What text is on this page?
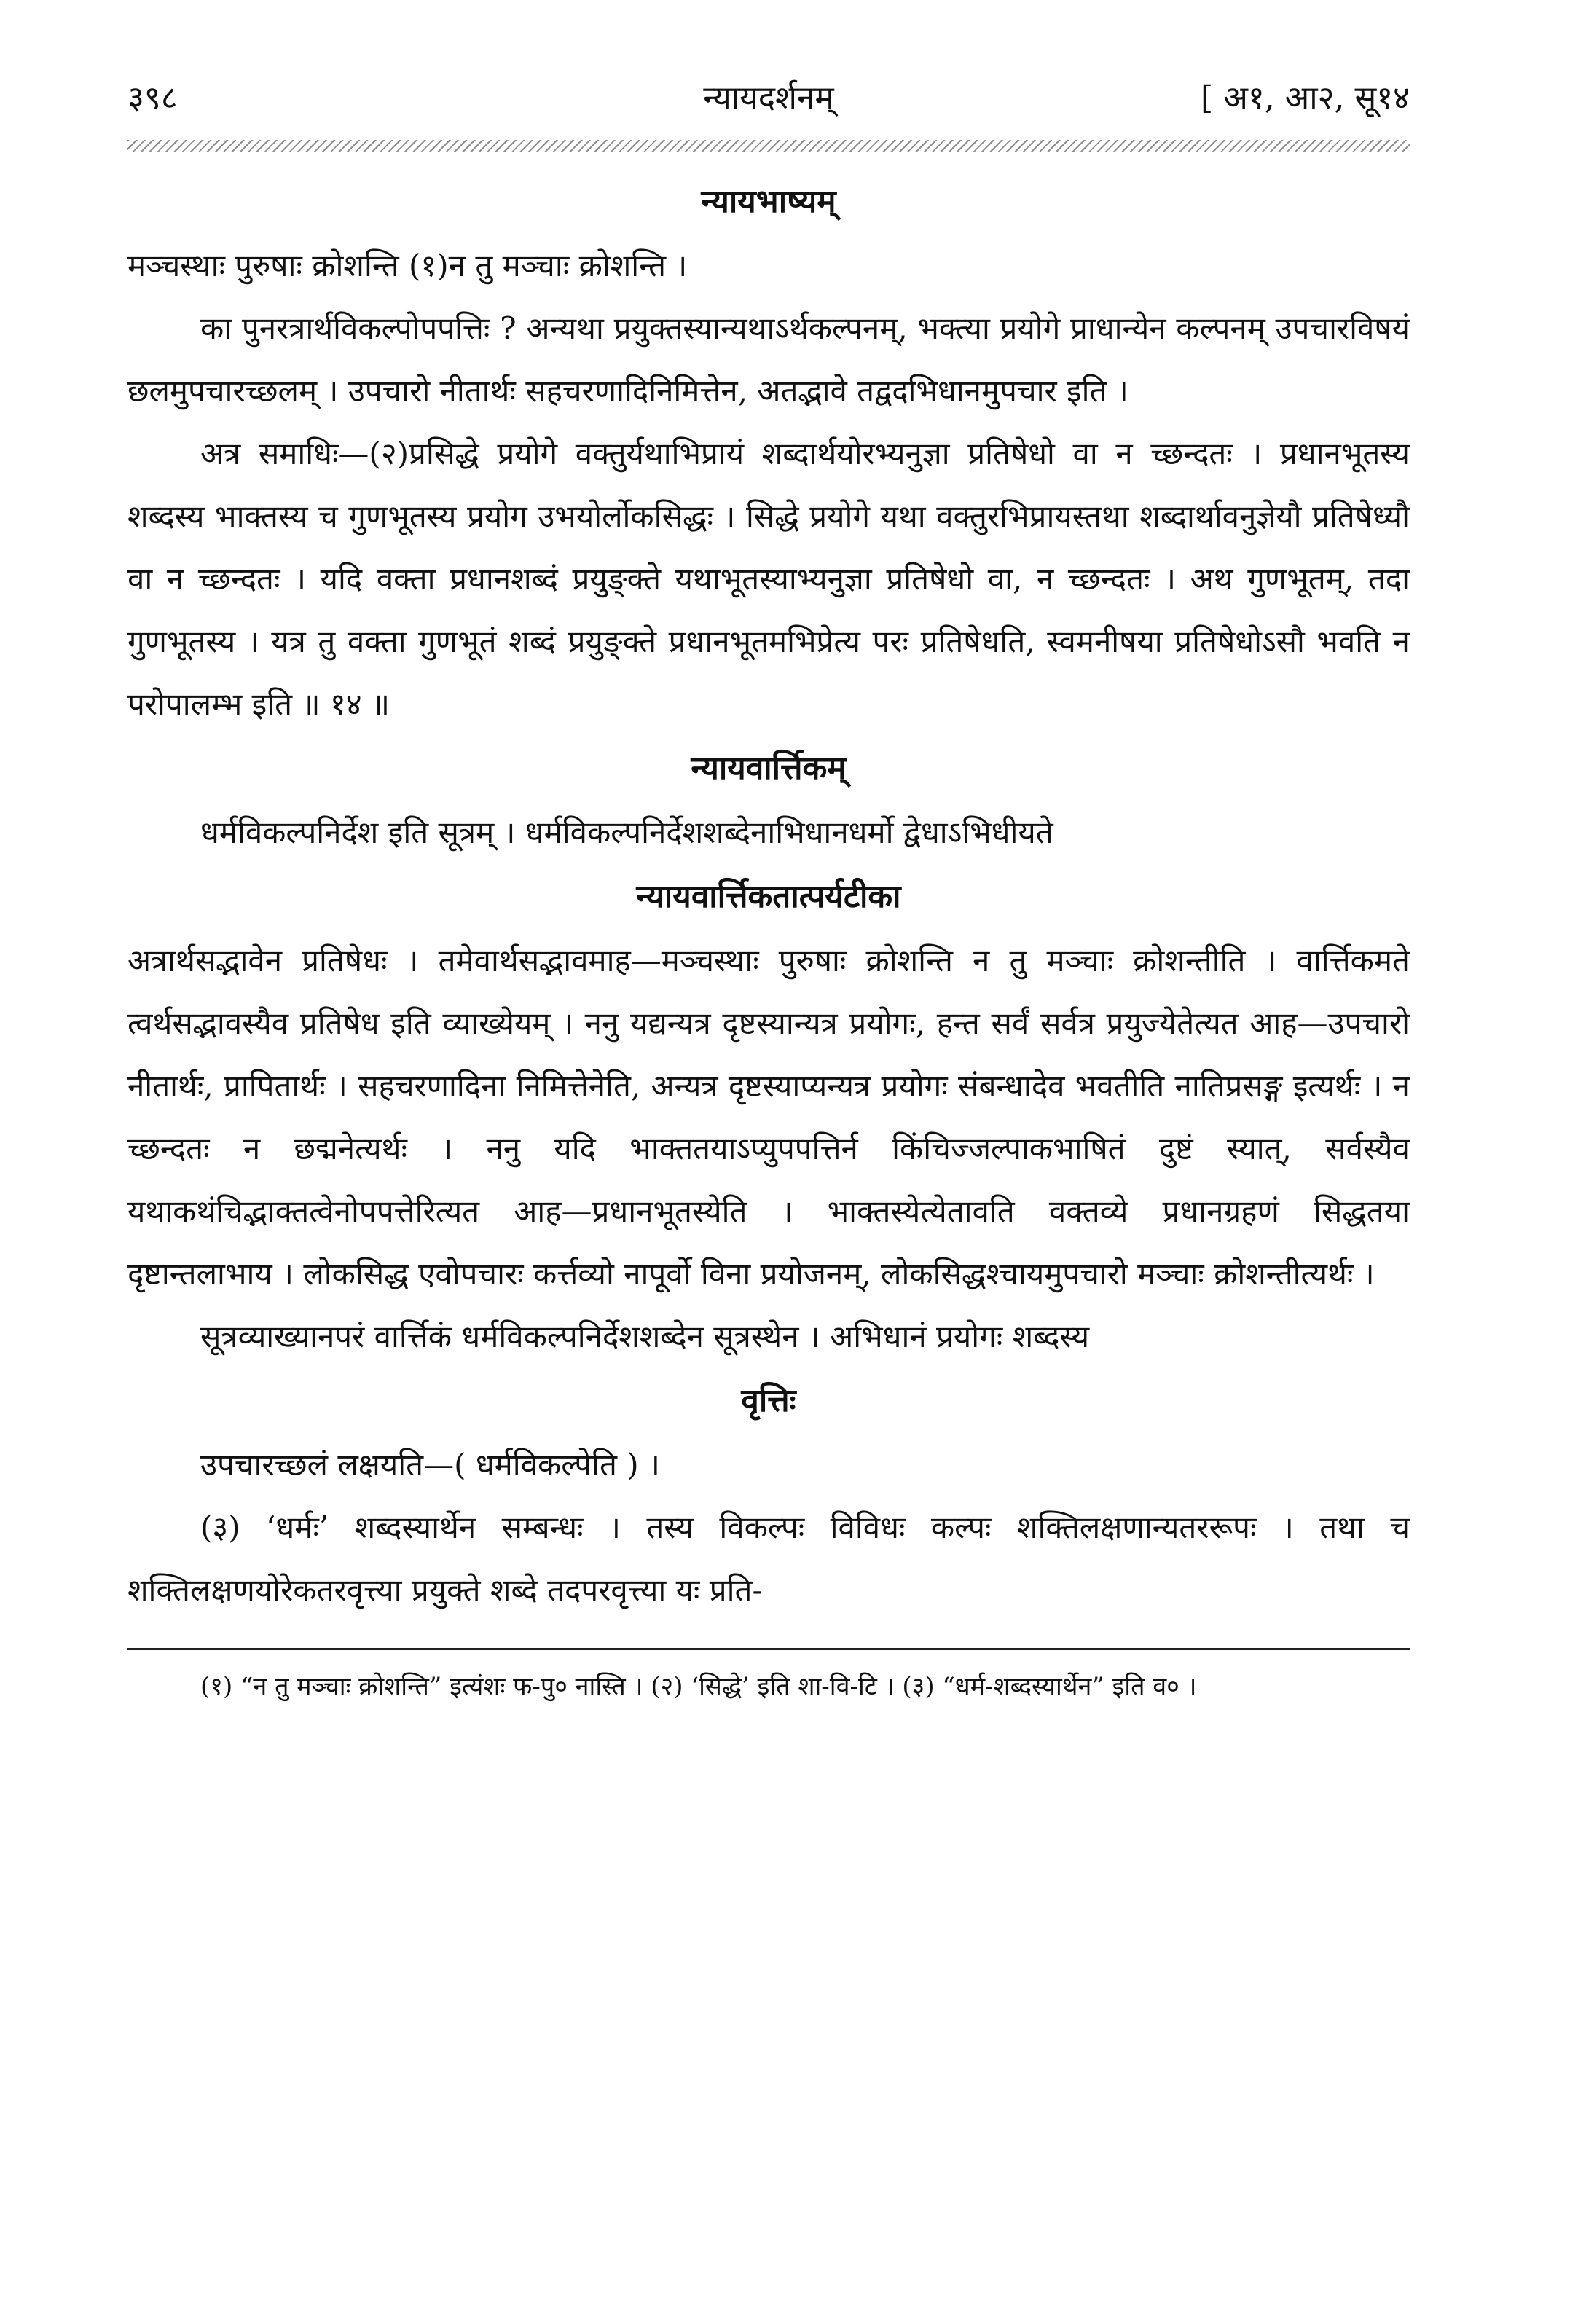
३९८	न्यायदर्शनम्	[ अ१, आ२, सू१४
न्यायभाष्यम्

मञ्चस्थाः पुरुषाः क्रोशन्ति (१)न तु मञ्चाः क्रोशन्ति ।

का पुनरत्रार्थविकल्पोपपत्तिः ? अन्यथा प्रयुक्तस्यान्यथाऽर्थकल्पनम्, भक्त्या प्रयोगे प्राधान्येन कल्पनम् उपचारविषयं छलमुपचारच्छलम् । उपचारो नीतार्थः सहचरणादिनिमित्तेन, अतद्भावे तद्वदभिधानमुपचार इति ।

अत्र समाधिः—(२)प्रसिद्धे प्रयोगे वक्तुर्यथाभिप्रायं शब्दार्थयोरभ्यनुज्ञा प्रतिषेधो वा न च्छन्दतः । प्रधानभूतस्य शब्दस्य भाक्तस्य च गुणभूतस्य प्रयोग उभयोर्लोकसिद्धः । सिद्धे प्रयोगे यथा वक्तुरभिप्रायस्तथा शब्दार्थावनुज्ञेयौ प्रतिषेध्यौ वा न च्छन्दतः । यदि वक्ता प्रधानशब्दं प्रयुङ्क्ते यथाभूतस्याभ्यनुज्ञा प्रतिषेधो वा, न च्छन्दतः । अथ गुणभूतम्, तदा गुणभूतस्य । यत्र तु वक्ता गुणभूतं शब्दं प्रयुङ्क्ते प्रधानभूतमभिप्रेत्य परः प्रतिषेधति, स्वमनीषया प्रतिषेधोऽसौ भवति न परोपालम्भ इति ॥ १४ ॥

न्यायवार्त्तिकम्

धर्मविकल्पनिर्देश इति सूत्रम् । धर्मविकल्पनिर्देशशब्देनाभिधानधर्मो द्वेधाऽभिधीयते

न्यायवार्त्तिकतात्पर्यटीका

अत्रार्थसद्भावेन प्रतिषेधः । तमेवार्थसद्भावमाह—मञ्चस्थाः पुरुषाः क्रोशन्ति न तु मञ्चाः क्रोशन्तीति । वार्त्तिकमते त्वर्थसद्भावस्यैव प्रतिषेध इति व्याख्येयम् । ननु यद्यन्यत्र दृष्टस्यान्यत्र प्रयोगः, हन्त सर्वं सर्वत्र प्रयुज्येतेत्यत आह—उपचारो नीतार्थः, प्रापितार्थः । सहचरणादिना निमित्तेनेति, अन्यत्र दृष्टस्याप्यन्यत्र प्रयोगः संबन्धादेव भवतीति नातिप्रसङ्ग इत्यर्थः । न च्छन्दतः न छद्मनेत्यर्थः । ननु यदि भाक्ततयाऽप्युपपत्तिर्न किंचिज्जल्पाकभाषितं दुष्टं स्यात्, सर्वस्यैव यथाकथंचिद्भाक्तत्वेनोपपत्तेरित्यत आह—प्रधानभूतस्येति । भाक्तस्येत्येतावति वक्तव्ये प्रधानग्रहणं सिद्धतया दृष्टान्तलाभाय । लोकसिद्ध एवोपचारः कर्त्तव्यो नापूर्वो विना प्रयोजनम्, लोकसिद्धश्चायमुपचारो मञ्चाः क्रोशन्तीत्यर्थः ।

सूत्रव्याख्यानपरं वार्त्तिकं धर्मविकल्पनिर्देशशब्देन सूत्रस्थेन । अभिधानं प्रयोगः शब्दस्य

वृत्तिः

उपचारच्छलं लक्षयति—( धर्मविकल्पेति ) ।

(३) ‘धर्मः’ शब्दस्यार्थेन सम्बन्धः । तस्य विकल्पः विविधः कल्पः शक्तिलक्षणान्यतररूपः । तथा च शक्तिलक्षणयोरेकतरवृत्त्या प्रयुक्ते शब्दे तदपरवृत्त्या यः प्रति-

(१) “न तु मञ्चाः क्रोशन्ति” इत्यंशः फ-पु० नास्ति । (२) ‘सिद्धे’ इति शा-वि-टि । (३) “धर्म-शब्दस्यार्थेन” इति व० ।
